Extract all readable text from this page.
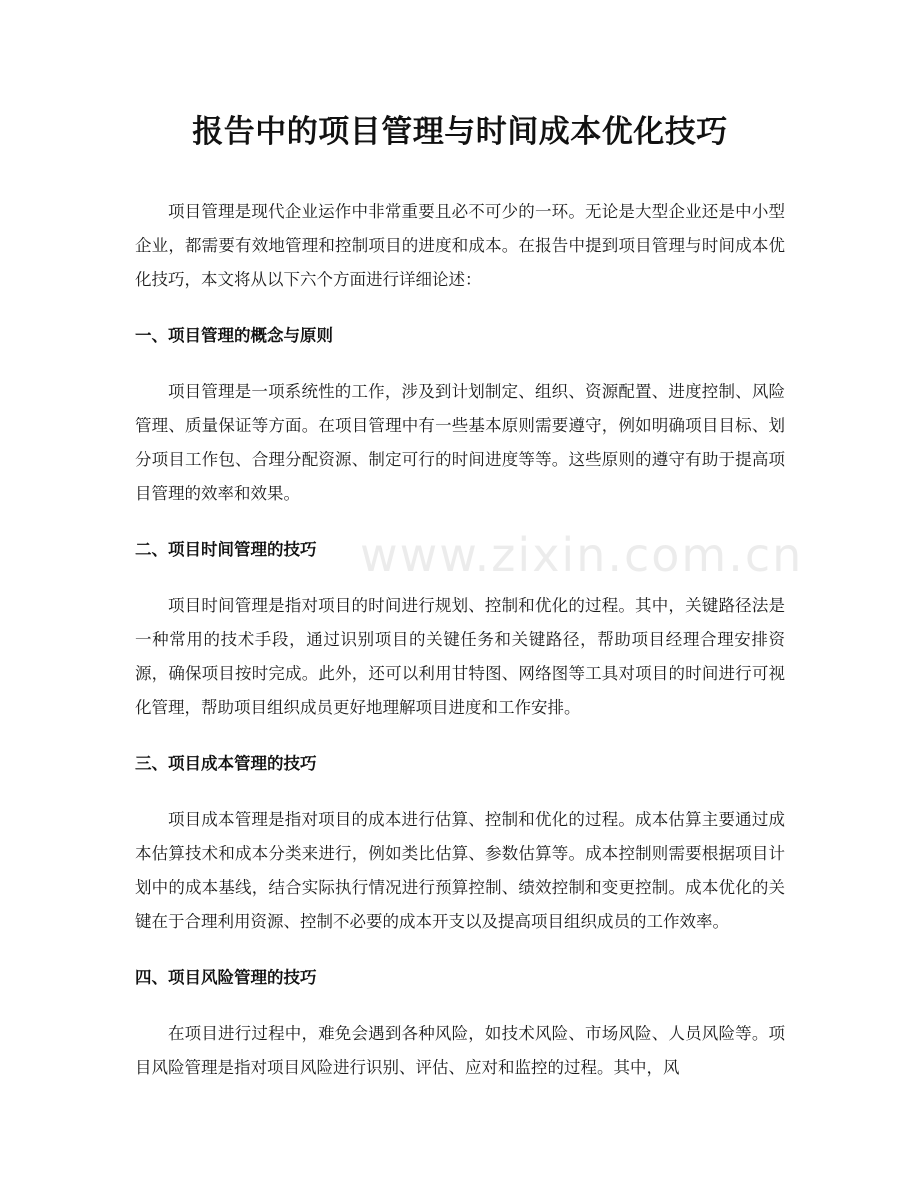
报告中的项目管理与时间成本优化技巧

项目管理是现代企业运作中非常重要且必不可少的一环。无论是大型企业还是中小型企业，都需要有效地管理和控制项目的进度和成本。在报告中提到项目管理与时间成本优化技巧，本文将从以下六个方面进行详细论述：

一、项目管理的概念与原则

项目管理是一项系统性的工作，涉及到计划制定、组织、资源配置、进度控制、风险管理、质量保证等方面。在项目管理中有一些基本原则需要遵守，例如明确项目目标、划分项目工作包、合理分配资源、制定可行的时间进度等等。这些原则的遵守有助于提高项目管理的效率和效果。

二、项目时间管理的技巧

项目时间管理是指对项目的时间进行规划、控制和优化的过程。其中，关键路径法是一种常用的技术手段，通过识别项目的关键任务和关键路径，帮助项目经理合理安排资源，确保项目按时完成。此外，还可以利用甘特图、网络图等工具对项目的时间进行可视化管理，帮助项目组织成员更好地理解项目进度和工作安排。

三、项目成本管理的技巧

项目成本管理是指对项目的成本进行估算、控制和优化的过程。成本估算主要通过成本估算技术和成本分类来进行，例如类比估算、参数估算等。成本控制则需要根据项目计划中的成本基线，结合实际执行情况进行预算控制、绩效控制和变更控制。成本优化的关键在于合理利用资源、控制不必要的成本开支以及提高项目组织成员的工作效率。

四、项目风险管理的技巧

在项目进行过程中，难免会遇到各种风险，如技术风险、市场风险、人员风险等。项目风险管理是指对项目风险进行识别、评估、应对和监控的过程。其中，风

www.zixin.com.cn
